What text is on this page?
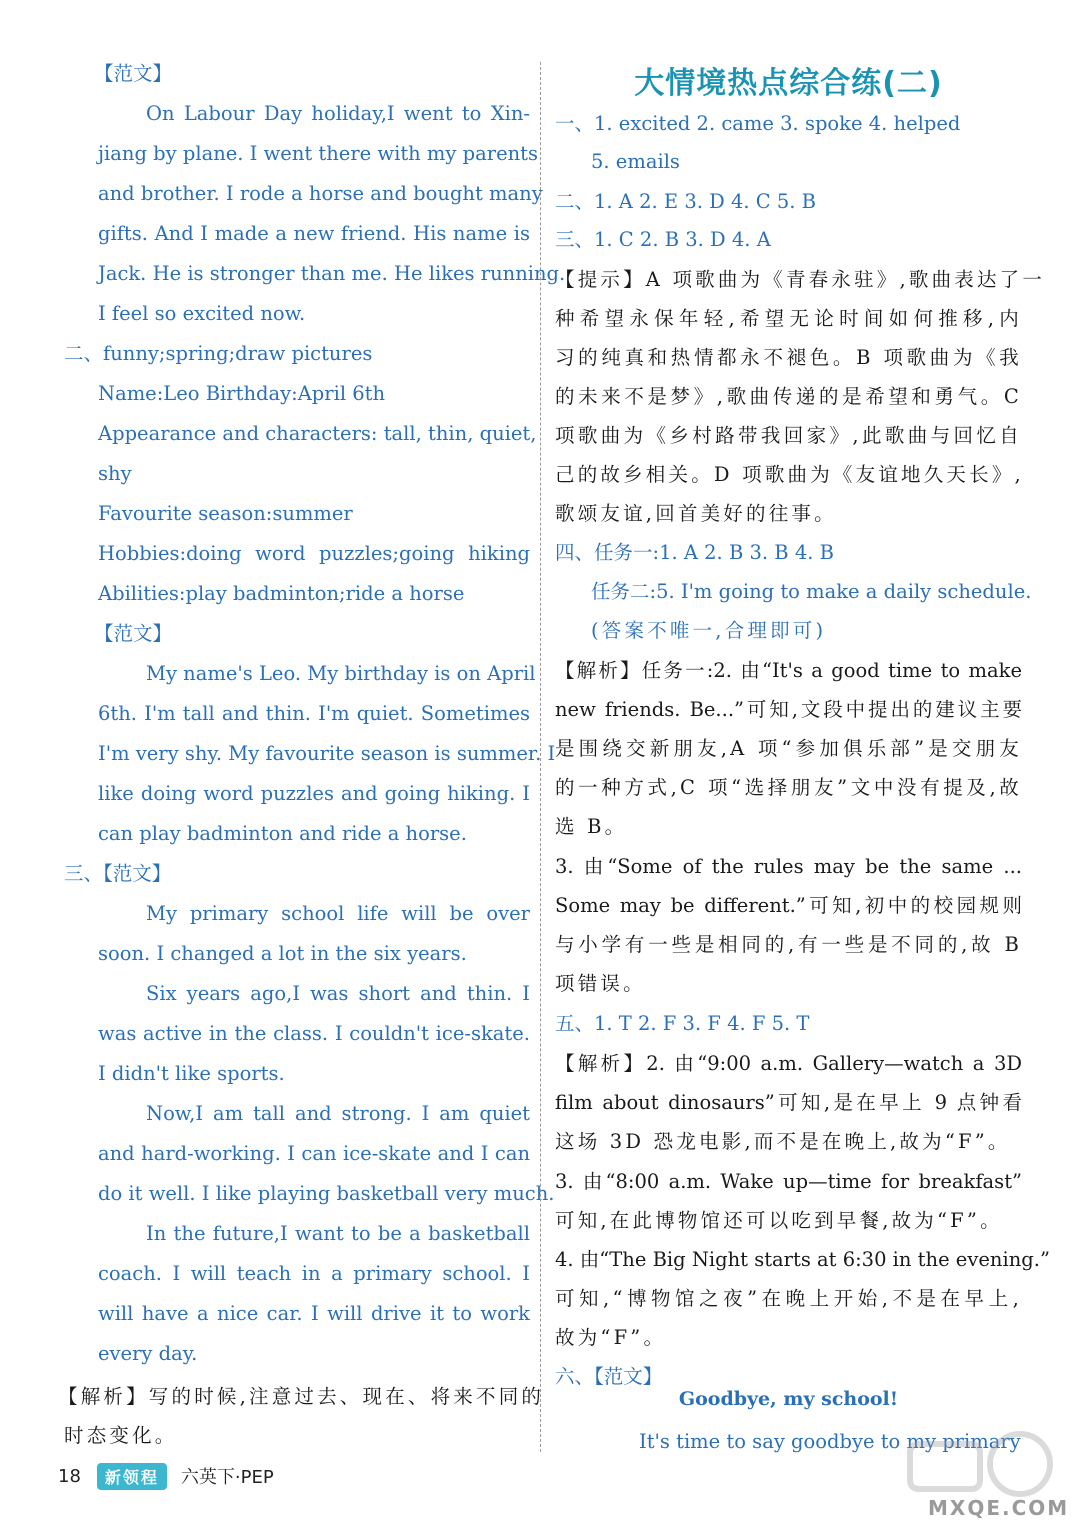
【范文】
On Labour Day holiday,I went to Xin-
jiang by plane. I went there with my parents
and brother. I rode a horse and bought many
gifts. And I made a new friend. His name is
Jack. He is stronger than me. He likes running.
I feel so excited now.
二、funny;spring;draw pictures
Name:Leo Birthday:April 6th
Appearance and characters: tall, thin, quiet,
shy
Favourite season:summer
Hobbies:doing word puzzles;going hiking
Abilities:play badminton;ride a horse
【范文】
My name's Leo. My birthday is on April
6th. I'm tall and thin. I'm quiet. Sometimes
I'm very shy. My favourite season is summer. I
like doing word puzzles and going hiking. I
can play badminton and ride a horse.
三、【范文】
My primary school life will be over
soon. I changed a lot in the six years.
Six years ago,I was short and thin. I
was active in the class. I couldn't ice-skate.
I didn't like sports.
Now,I am tall and strong. I am quiet
and hard-working. I can ice-skate and I can
do it well. I like playing basketball very much.
In the future,I want to be a basketball
coach. I will teach in a primary school. I
will have a nice car. I will drive it to work
every day.
【解析】写的时候,注意过去、现在、将来不同的
时态变化。
大情境热点综合练(二)
Goodbye, my school!
一、1. excited 2. came 3. spoke 4. helped
5. emails
二、1. A 2. E 3. D 4. C 5. B
三、1. C 2. B 3. D 4. A
【提示】A 项歌曲为《青春永驻》,歌曲表达了一
种希望永保年轻,希望无论时间如何推移,内
习的纯真和热情都永不褪色。B 项歌曲为《我
的未来不是梦》,歌曲传递的是希望和勇气。C
项歌曲为《乡村路带我回家》,此歌曲与回忆自
己的故乡相关。D 项歌曲为《友谊地久天长》,
歌颂友谊,回首美好的往事。
四、任务一:1. A 2. B 3. B 4. B
任务二:5. I'm going to make a daily schedule.
(答案不唯一,合理即可)
【解析】任务一:2. 由“It's a good time to make
new friends. Be...”可知,文段中提出的建议主要
是围绕交新朋友,A 项“参加俱乐部”是交朋友
的一种方式,C 项“选择朋友”文中没有提及,故
选 B。
3. 由“Some of the rules may be the same ...
Some may be different.”可知,初中的校园规则
与小学有一些是相同的,有一些是不同的,故 B
项错误。
五、1. T 2. F 3. F 4. F 5. T
【解析】2. 由“9:00 a.m. Gallery—watch a 3D
film about dinosaurs”可知,是在早上 9 点钟看
这场 3D 恐龙电影,而不是在晚上,故为“F”。
3. 由“8:00 a.m. Wake up—time for breakfast”
可知,在此博物馆还可以吃到早餐,故为“F”。
4. 由“The Big Night starts at 6:30 in the evening.”
可知,“博物馆之夜”在晚上开始,不是在早上,
故为“F”。
六、【范文】
It's time to say goodbye to my primary
18	新领程	六英下·PEP
MXQE.COM
